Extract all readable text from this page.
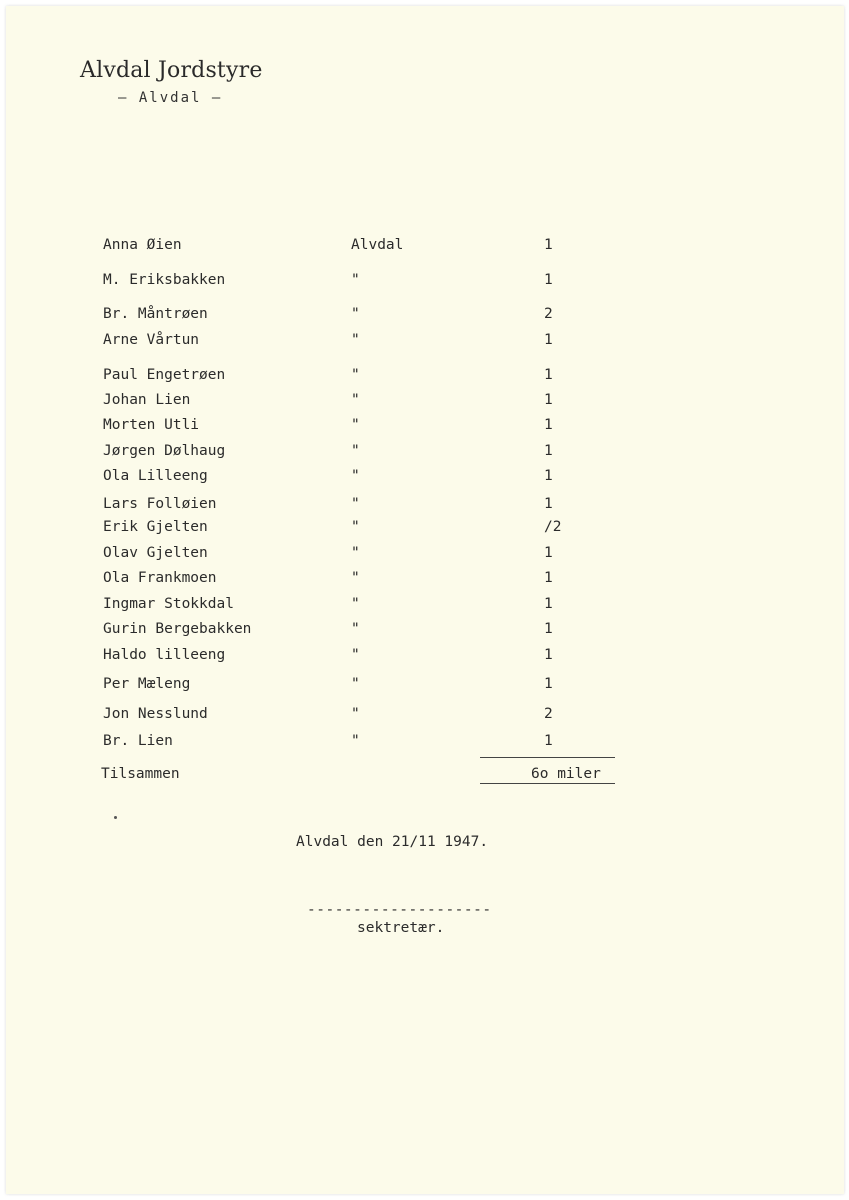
Alvdal Jordstyre
— Alvdal —
Anna Øien	Alvdal	1
M. Eriksbakken	"	1
Br. Måntrøen	"	2
Arne Vårtun	"	1
Paul Engetrøen	"	1
Johan Lien	"	1
Morten Utli	"	1
Jørgen Dølhaug	"	1
Ola Lilleeng	"	1
Lars Folløien	"	1
Erik Gjelten	"	/2
Olav Gjelten	"	1
Ola Frankmoen	"	1
Ingmar Stokkdal	"	1
Gurin Bergebakken	"	1
Haldo lilleeng	"	1
Per Mæleng	"	1
Jon Nesslund	"	2
Br. Lien	"	1
Tilsammen	6o miler
Alvdal den 21/11 1947.
--------------------
sektretær.
